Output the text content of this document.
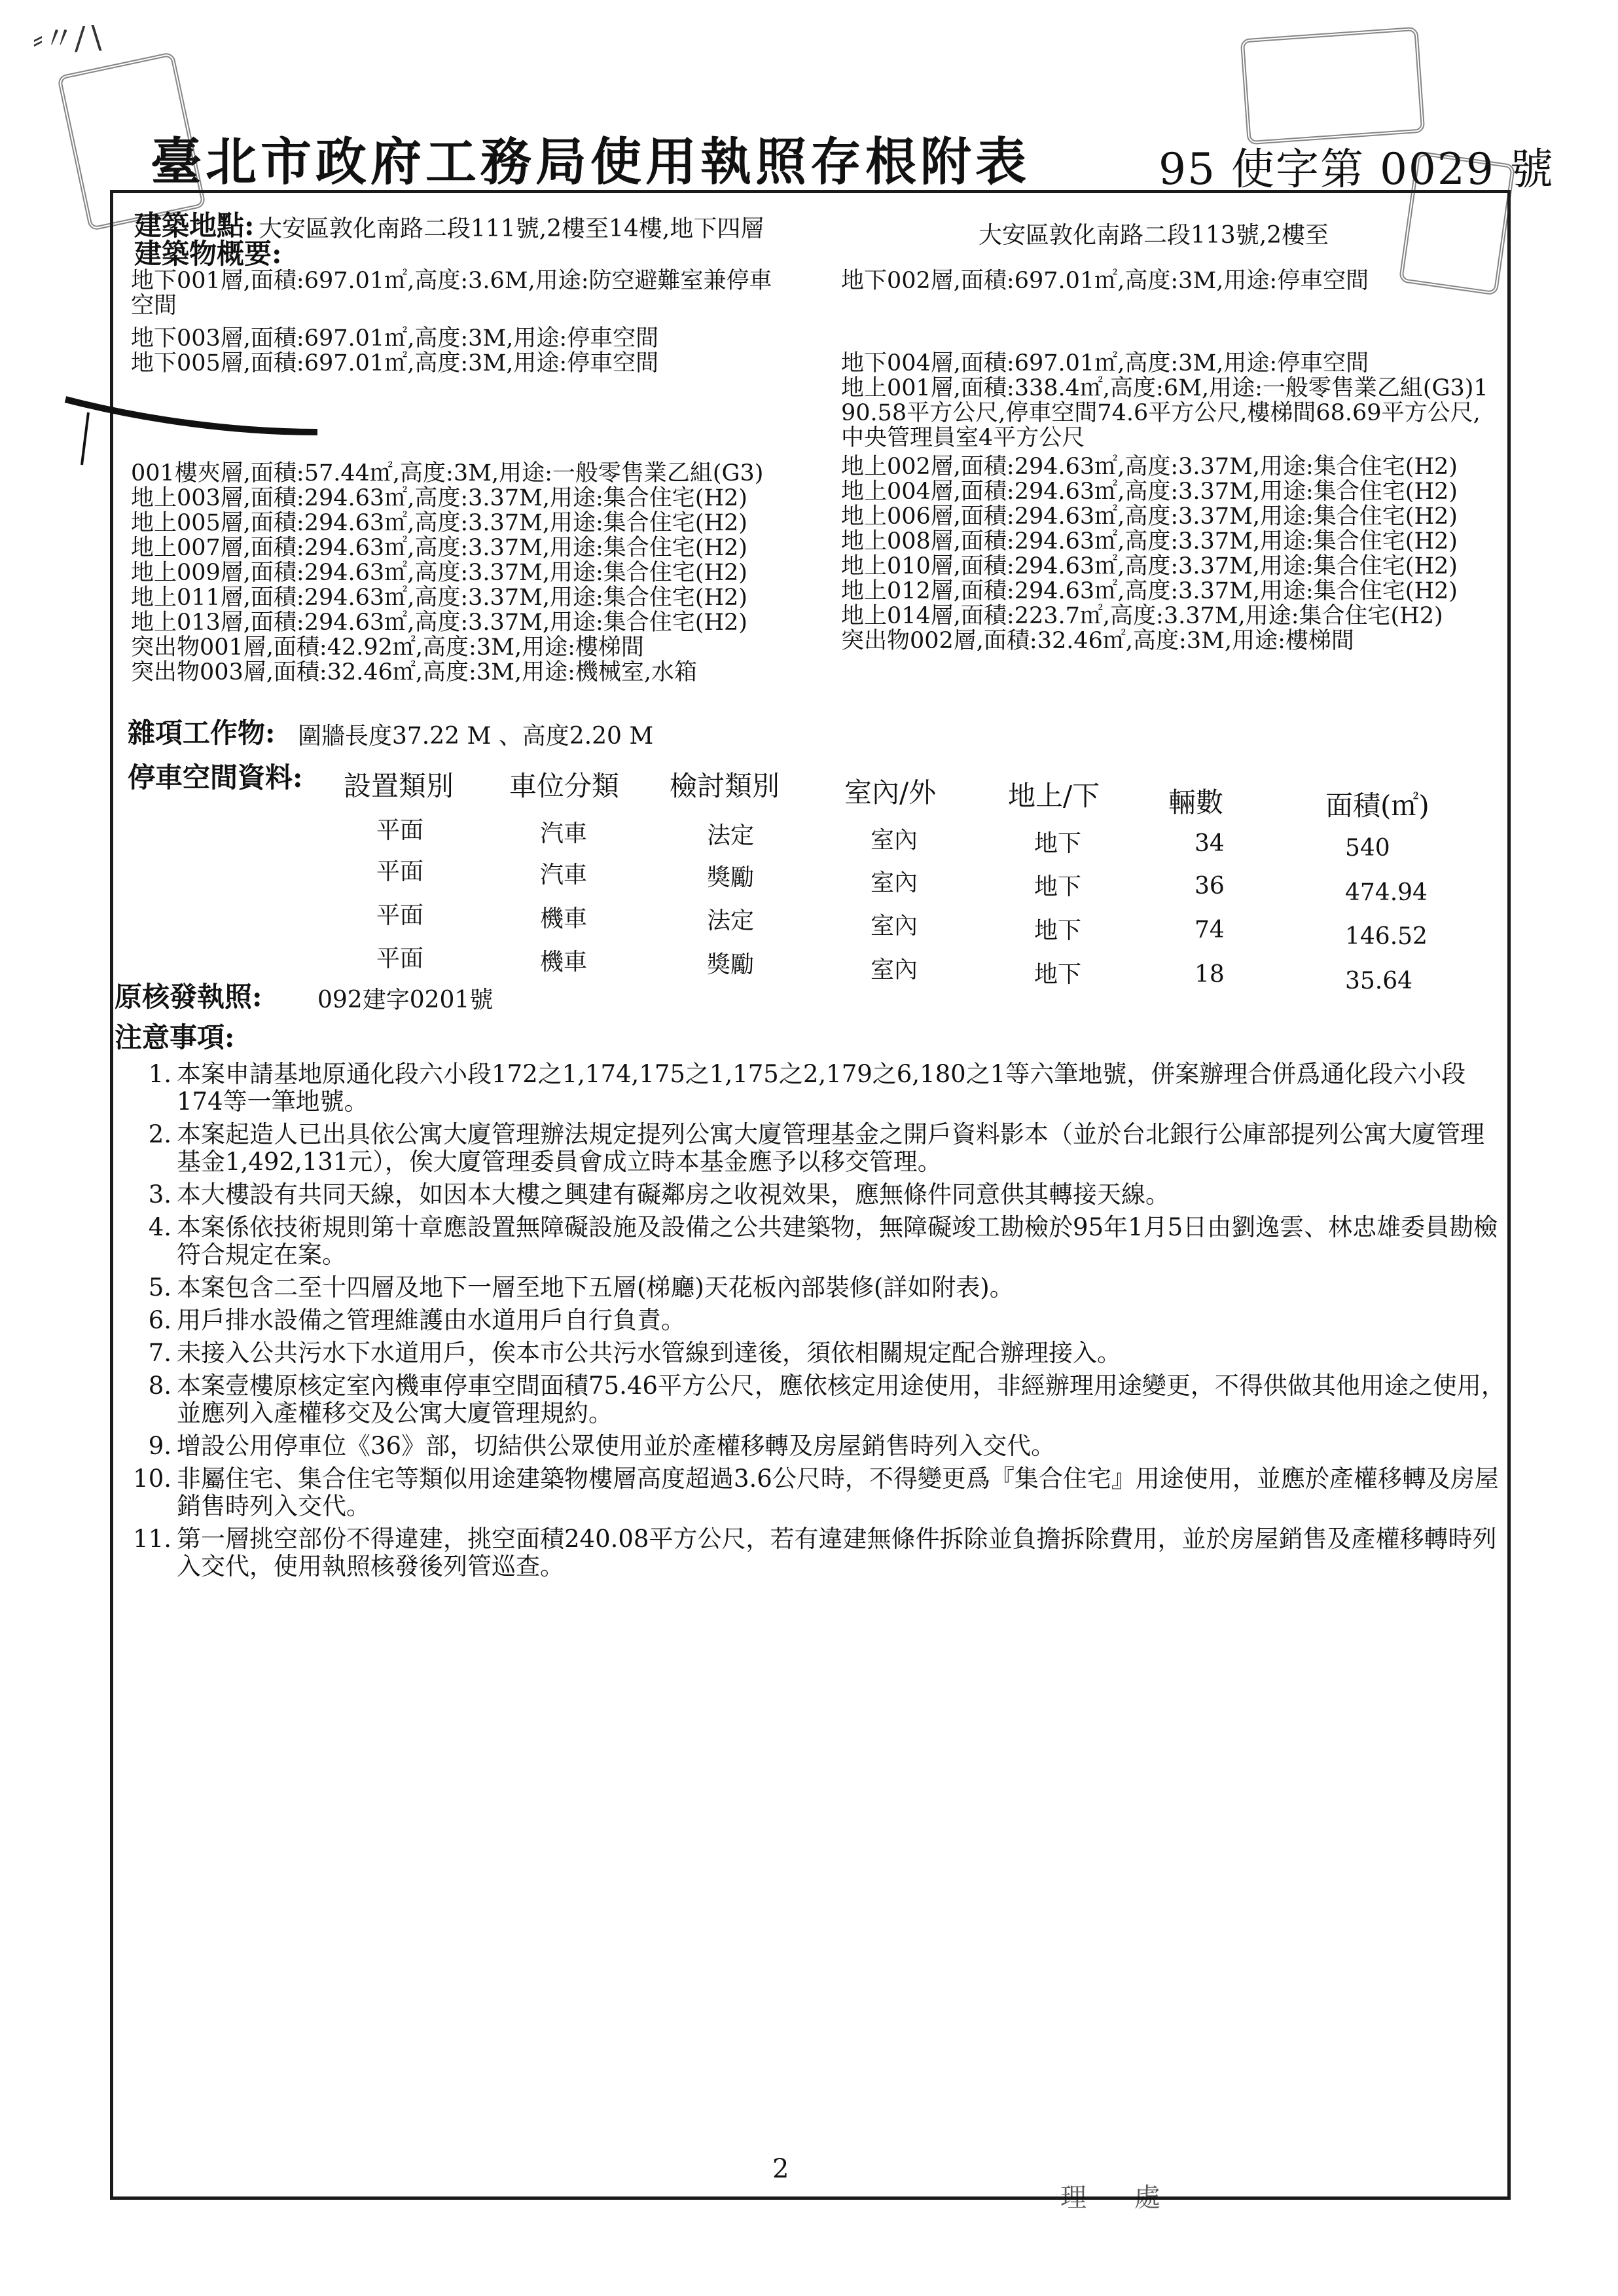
臺北市政府工務局使用執照存根附表	95 使字第 0029 號
⸗〃∕∖
建築地點: 大安區敦化南路二段111號,2樓至14樓,地下四層	大安區敦化南路二段113號,2樓至
建築物概要:
地下001層,面積:697.01㎡,高度:3.6M,用途:防空避難室兼停車
空間
地下003層,面積:697.01㎡,高度:3M,用途:停車空間
地下005層,面積:697.01㎡,高度:3M,用途:停車空間
001樓夾層,面積:57.44㎡,高度:3M,用途:一般零售業乙組(G3)
地上003層,面積:294.63㎡,高度:3.37M,用途:集合住宅(H2)
地上005層,面積:294.63㎡,高度:3.37M,用途:集合住宅(H2)
地上007層,面積:294.63㎡,高度:3.37M,用途:集合住宅(H2)
地上009層,面積:294.63㎡,高度:3.37M,用途:集合住宅(H2)
地上011層,面積:294.63㎡,高度:3.37M,用途:集合住宅(H2)
地上013層,面積:294.63㎡,高度:3.37M,用途:集合住宅(H2)
突出物001層,面積:42.92㎡,高度:3M,用途:樓梯間
突出物003層,面積:32.46㎡,高度:3M,用途:機械室,水箱
地下002層,面積:697.01㎡,高度:3M,用途:停車空間
地下004層,面積:697.01㎡,高度:3M,用途:停車空間
地上001層,面積:338.4㎡,高度:6M,用途:一般零售業乙組(G3)1
90.58平方公尺,停車空間74.6平方公尺,樓梯間68.69平方公尺,
中央管理員室4平方公尺
地上002層,面積:294.63㎡,高度:3.37M,用途:集合住宅(H2)
地上004層,面積:294.63㎡,高度:3.37M,用途:集合住宅(H2)
地上006層,面積:294.63㎡,高度:3.37M,用途:集合住宅(H2)
地上008層,面積:294.63㎡,高度:3.37M,用途:集合住宅(H2)
地上010層,面積:294.63㎡,高度:3.37M,用途:集合住宅(H2)
地上012層,面積:294.63㎡,高度:3.37M,用途:集合住宅(H2)
地上014層,面積:223.7㎡,高度:3.37M,用途:集合住宅(H2)
突出物002層,面積:32.46㎡,高度:3M,用途:樓梯間
雜項工作物: 圍牆長度37.22 M 、高度2.20 M
停車空間資料: 設置類別 車位分類 檢討類別 室內/外	地上/下 輛數	面積(㎡)
平面	汽車	法定	室內	地下	34	540
平面	汽車	獎勵	室內	地下	36	474.94
平面	機車	法定	室內	地下	74	146.52
平面	機車	獎勵	室內	地下	18	35.64
原核發執照: 092建字0201號
注意事項:
1. 本案申請基地原通化段六小段172之1,174,175之1,175之2,179之6,180之1等六筆地號，併案辦理合併爲通化段六小段174等一筆地號。
2. 本案起造人已出具依公寓大廈管理辦法規定提列公寓大廈管理基金之開戶資料影本（並於台北銀行公庫部提列公寓大廈管理基金1,492,131元），俟大廈管理委員會成立時本基金應予以移交管理。
3. 本大樓設有共同天線，如因本大樓之興建有礙鄰房之收視效果，應無條件同意供其轉接天線。
4. 本案係依技術規則第十章應設置無障礙設施及設備之公共建築物，無障礙竣工勘檢於95年1月5日由劉逸雲、林忠雄委員勘檢符合規定在案。
5. 本案包含二至十四層及地下一層至地下五層(梯廳)天花板內部裝修(詳如附表)。
6. 用戶排水設備之管理維護由水道用戶自行負責。
7. 未接入公共污水下水道用戶，俟本市公共污水管線到達後，須依相關規定配合辦理接入。
8. 本案壹樓原核定室內機車停車空間面積75.46平方公尺，應依核定用途使用，非經辦理用途變更，不得供做其他用途之使用，並應列入產權移交及公寓大廈管理規約。
9. 增設公用停車位《36》部，切結供公眾使用並於產權移轉及房屋銷售時列入交代。
10. 非屬住宅、集合住宅等類似用途建築物樓層高度超過3.6公尺時，不得變更爲『集合住宅』用途使用，並應於產權移轉及房屋銷售時列入交代。
11. 第一層挑空部份不得違建，挑空面積240.08平方公尺，若有違建無條件拆除並負擔拆除費用，並於房屋銷售及產權移轉時列入交代，使用執照核發後列管巡查。
2
理 處
